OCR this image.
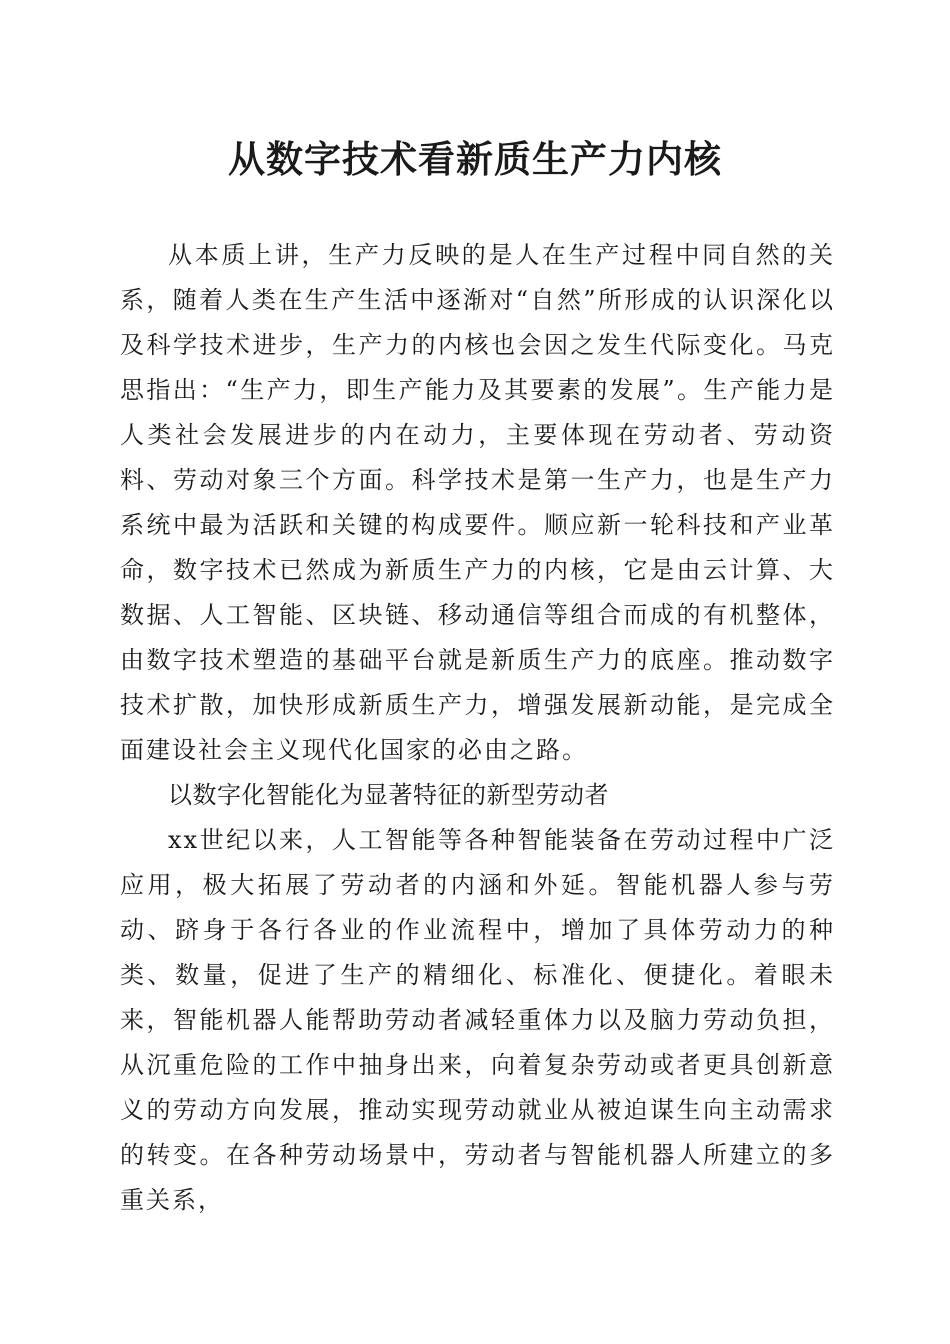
从数字技术看新质生产力内核

从本质上讲，生产力反映的是人在生产过程中同自然的关系，随着人类在生产生活中逐渐对“自然”所形成的认识深化以及科学技术进步，生产力的内核也会因之发生代际变化。马克思指出：“生产力，即生产能力及其要素的发展”。生产能力是人类社会发展进步的内在动力，主要体现在劳动者、劳动资料、劳动对象三个方面。科学技术是第一生产力，也是生产力系统中最为活跃和关键的构成要件。顺应新一轮科技和产业革命，数字技术已然成为新质生产力的内核，它是由云计算、大数据、人工智能、区块链、移动通信等组合而成的有机整体，由数字技术塑造的基础平台就是新质生产力的底座。推动数字技术扩散，加快形成新质生产力，增强发展新动能，是完成全面建设社会主义现代化国家的必由之路。

以数字化智能化为显著特征的新型劳动者

xx世纪以来，人工智能等各种智能装备在劳动过程中广泛应用，极大拓展了劳动者的内涵和外延。智能机器人参与劳动、跻身于各行各业的作业流程中，增加了具体劳动力的种类、数量，促进了生产的精细化、标准化、便捷化。着眼未来，智能机器人能帮助劳动者减轻重体力以及脑力劳动负担，从沉重危险的工作中抽身出来，向着复杂劳动或者更具创新意义的劳动方向发展，推动实现劳动就业从被迫谋生向主动需求的转变。在各种劳动场景中，劳动者与智能机器人所建立的多重关系，
